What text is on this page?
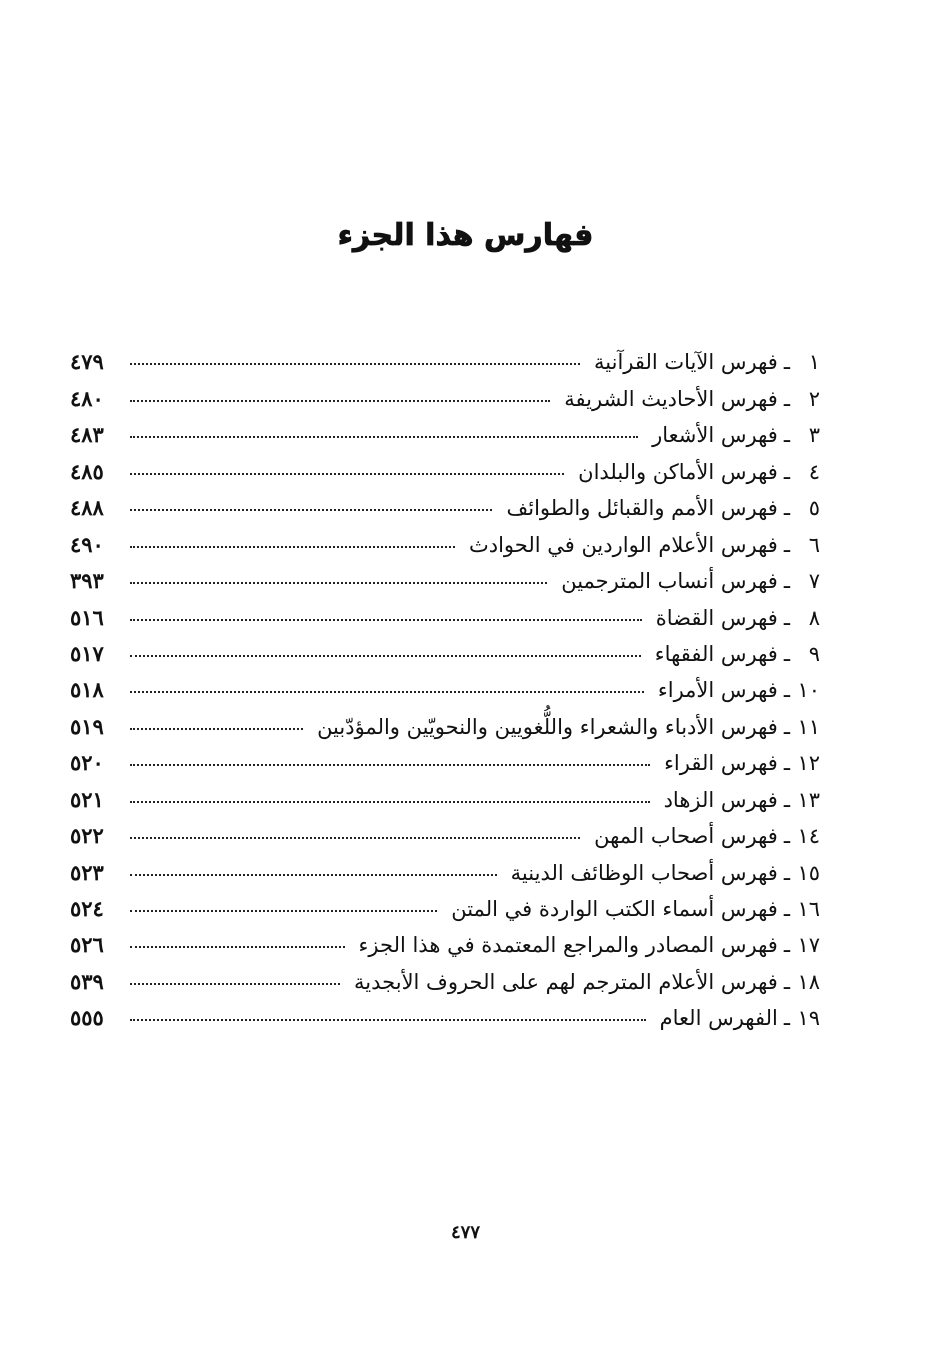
فهارس هذا الجزء
١
ـ
فهرس الآيات القرآنية
٤٧٩
٢
ـ
فهرس الأحاديث الشريفة
٤٨٠
٣
ـ
فهرس الأشعار
٤٨٣
٤
ـ
فهرس الأماكن والبلدان
٤٨٥
٥
ـ
فهرس الأمم والقبائل والطوائف
٤٨٨
٦
ـ
فهرس الأعلام الواردين في الحوادث
٤٩٠
٧
ـ
فهرس أنساب المترجمين
٣٩٣
٨
ـ
فهرس القضاة
٥١٦
٩
ـ
فهرس الفقهاء
٥١٧
١٠
ـ
فهرس الأمراء
٥١٨
١١
ـ
فهرس الأدباء والشعراء واللُّغويين والنحويّين والمؤدّبين
٥١٩
١٢
ـ
فهرس القراء
٥٢٠
١٣
ـ
فهرس الزهاد
٥٢١
١٤
ـ
فهرس أصحاب المهن
٥٢٢
١٥
ـ
فهرس أصحاب الوظائف الدينية
٥٢٣
١٦
ـ
فهرس أسماء الكتب الواردة في المتن
٥٢٤
١٧
ـ
فهرس المصادر والمراجع المعتمدة في هذا الجزء
٥٢٦
١٨
ـ
فهرس الأعلام المترجم لهم على الحروف الأبجدية
٥٣٩
١٩
ـ
الفهرس العام
٥٥٥
٤٧٧
